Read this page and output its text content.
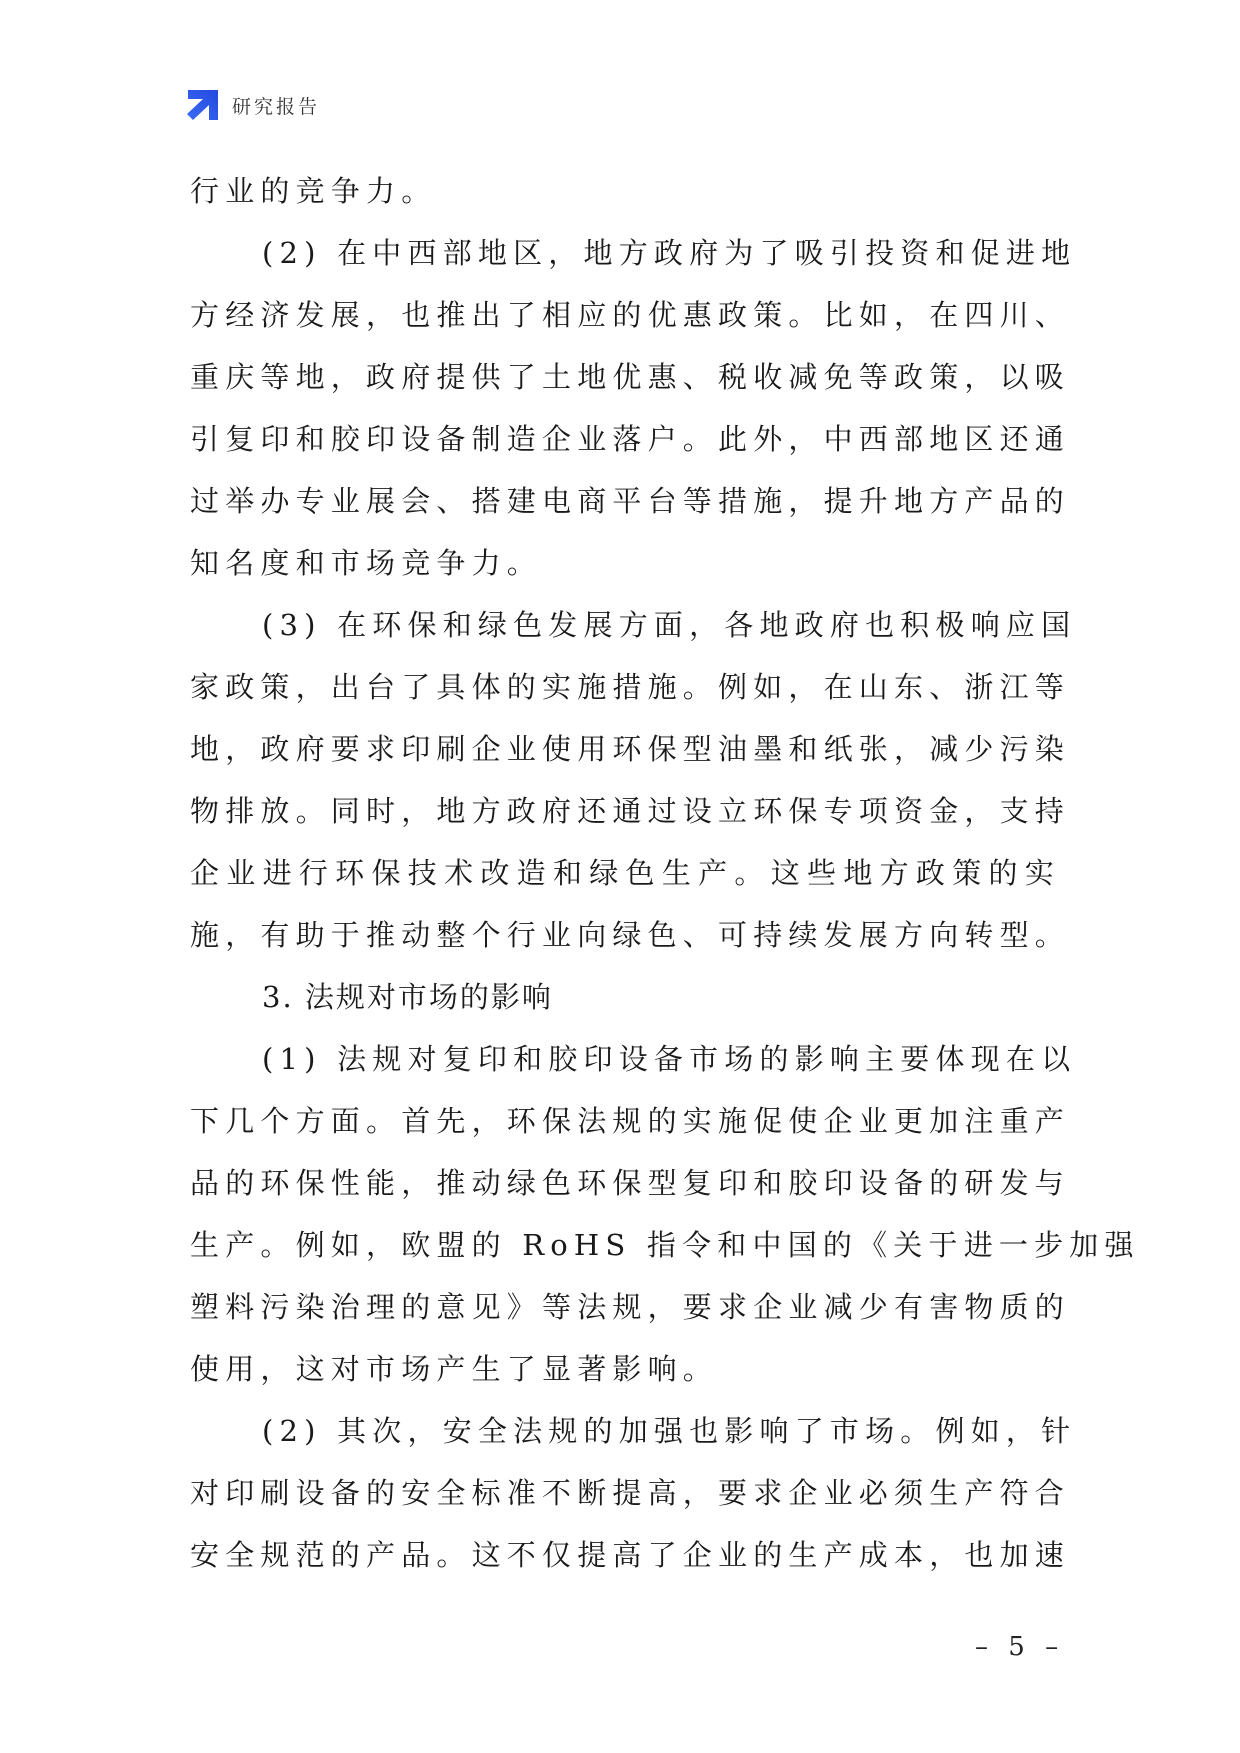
研究报告
行业的竞争力。
(2) 在中西部地区，地方政府为了吸引投资和促进地
方经济发展，也推出了相应的优惠政策。比如，在四川、
重庆等地，政府提供了土地优惠、税收减免等政策，以吸
引复印和胶印设备制造企业落户。此外，中西部地区还通
过举办专业展会、搭建电商平台等措施，提升地方产品的
知名度和市场竞争力。
(3) 在环保和绿色发展方面，各地政府也积极响应国
家政策，出台了具体的实施措施。例如，在山东、浙江等
地，政府要求印刷企业使用环保型油墨和纸张，减少污染
物排放。同时，地方政府还通过设立环保专项资金，支持
企业进行环保技术改造和绿色生产。这些地方政策的实
施，有助于推动整个行业向绿色、可持续发展方向转型。
3. 法规对市场的影响
(1) 法规对复印和胶印设备市场的影响主要体现在以
下几个方面。首先，环保法规的实施促使企业更加注重产
品的环保性能，推动绿色环保型复印和胶印设备的研发与
生产。例如，欧盟的 RoHS 指令和中国的《关于进一步加强
塑料污染治理的意见》等法规，要求企业减少有害物质的
使用，这对市场产生了显著影响。
(2) 其次，安全法规的加强也影响了市场。例如，针
对印刷设备的安全标准不断提高，要求企业必须生产符合
安全规范的产品。这不仅提高了企业的生产成本，也加速
– 5 –
